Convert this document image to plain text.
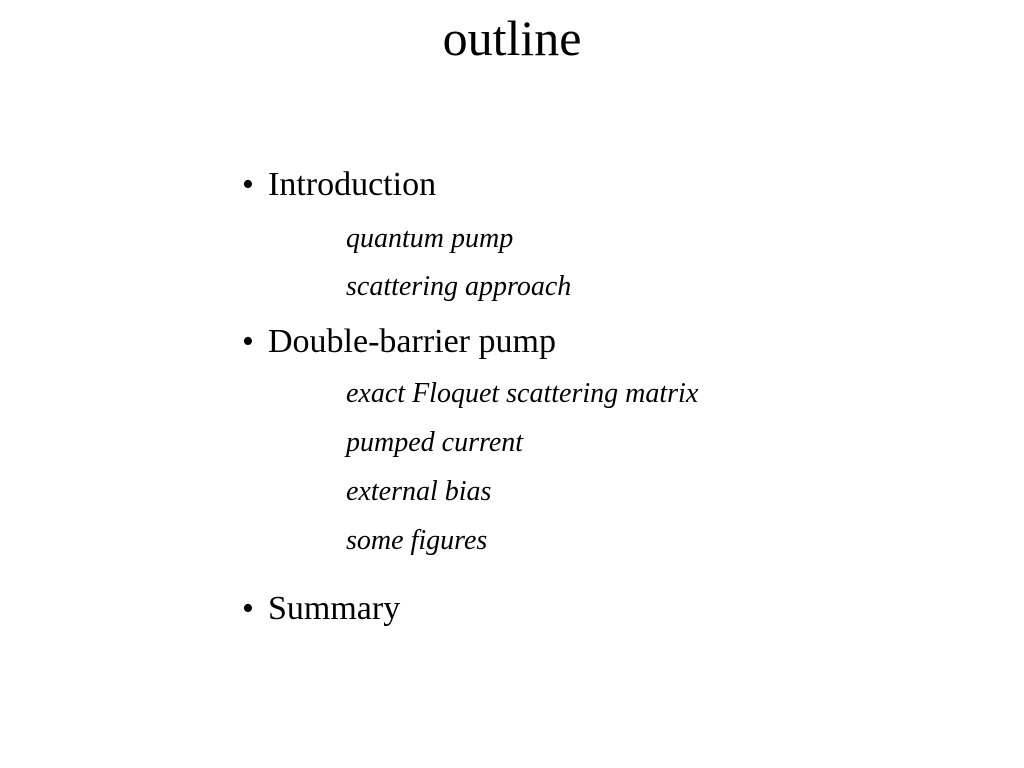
outline
• Introduction
quantum pump
scattering approach
• Double-barrier pump
exact Floquet scattering matrix
pumped current
external bias
some figures
• Summary
